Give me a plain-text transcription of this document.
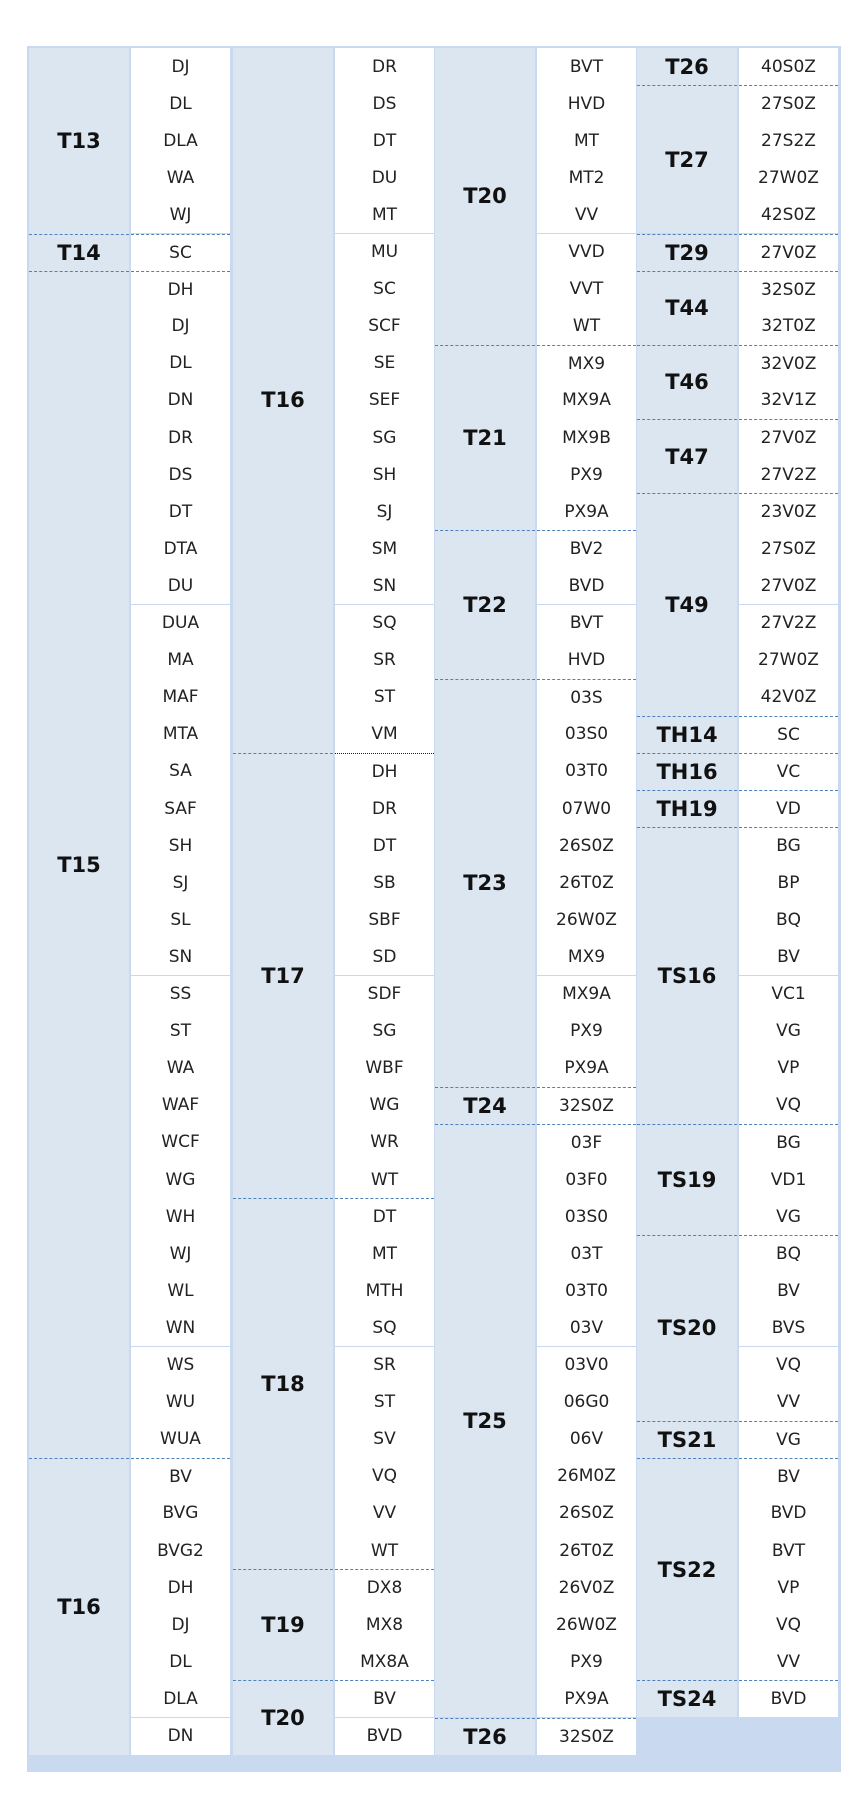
T13
T14
T15
T16
DJ
DL
DLA
WA
WJ
SC
DH
DJ
DL
DN
DR
DS
DT
DTA
DU
DUA
MA
MAF
MTA
SA
SAF
SH
SJ
SL
SN
SS
ST
WA
WAF
WCF
WG
WH
WJ
WL
WN
WS
WU
WUA
BV
BVG
BVG2
DH
DJ
DL
DLA
DN
T16
T17
T18
T19
T20
DR
DS
DT
DU
MT
MU
SC
SCF
SE
SEF
SG
SH
SJ
SM
SN
SQ
SR
ST
VM
DH
DR
DT
SB
SBF
SD
SDF
SG
WBF
WG
WR
WT
DT
MT
MTH
SQ
SR
ST
SV
VQ
VV
WT
DX8
MX8
MX8A
BV
BVD
T20
T21
T22
T23
T24
T25
T26
BVT
HVD
MT
MT2
VV
VVD
VVT
WT
MX9
MX9A
MX9B
PX9
PX9A
BV2
BVD
BVT
HVD
03S
03S0
03T0
07W0
26S0Z
26T0Z
26W0Z
MX9
MX9A
PX9
PX9A
32S0Z
03F
03F0
03S0
03T
03T0
03V
03V0
06G0
06V
26M0Z
26S0Z
26T0Z
26V0Z
26W0Z
PX9
PX9A
32S0Z
T26
T27
T29
T44
T46
T47
T49
TH14
TH16
TH19
TS16
TS19
TS20
TS21
TS22
TS24
40S0Z
27S0Z
27S2Z
27W0Z
42S0Z
27V0Z
32S0Z
32T0Z
32V0Z
32V1Z
27V0Z
27V2Z
23V0Z
27S0Z
27V0Z
27V2Z
27W0Z
42V0Z
SC
VC
VD
BG
BP
BQ
BV
VC1
VG
VP
VQ
BG
VD1
VG
BQ
BV
BVS
VQ
VV
VG
BV
BVD
BVT
VP
VQ
VV
BVD
